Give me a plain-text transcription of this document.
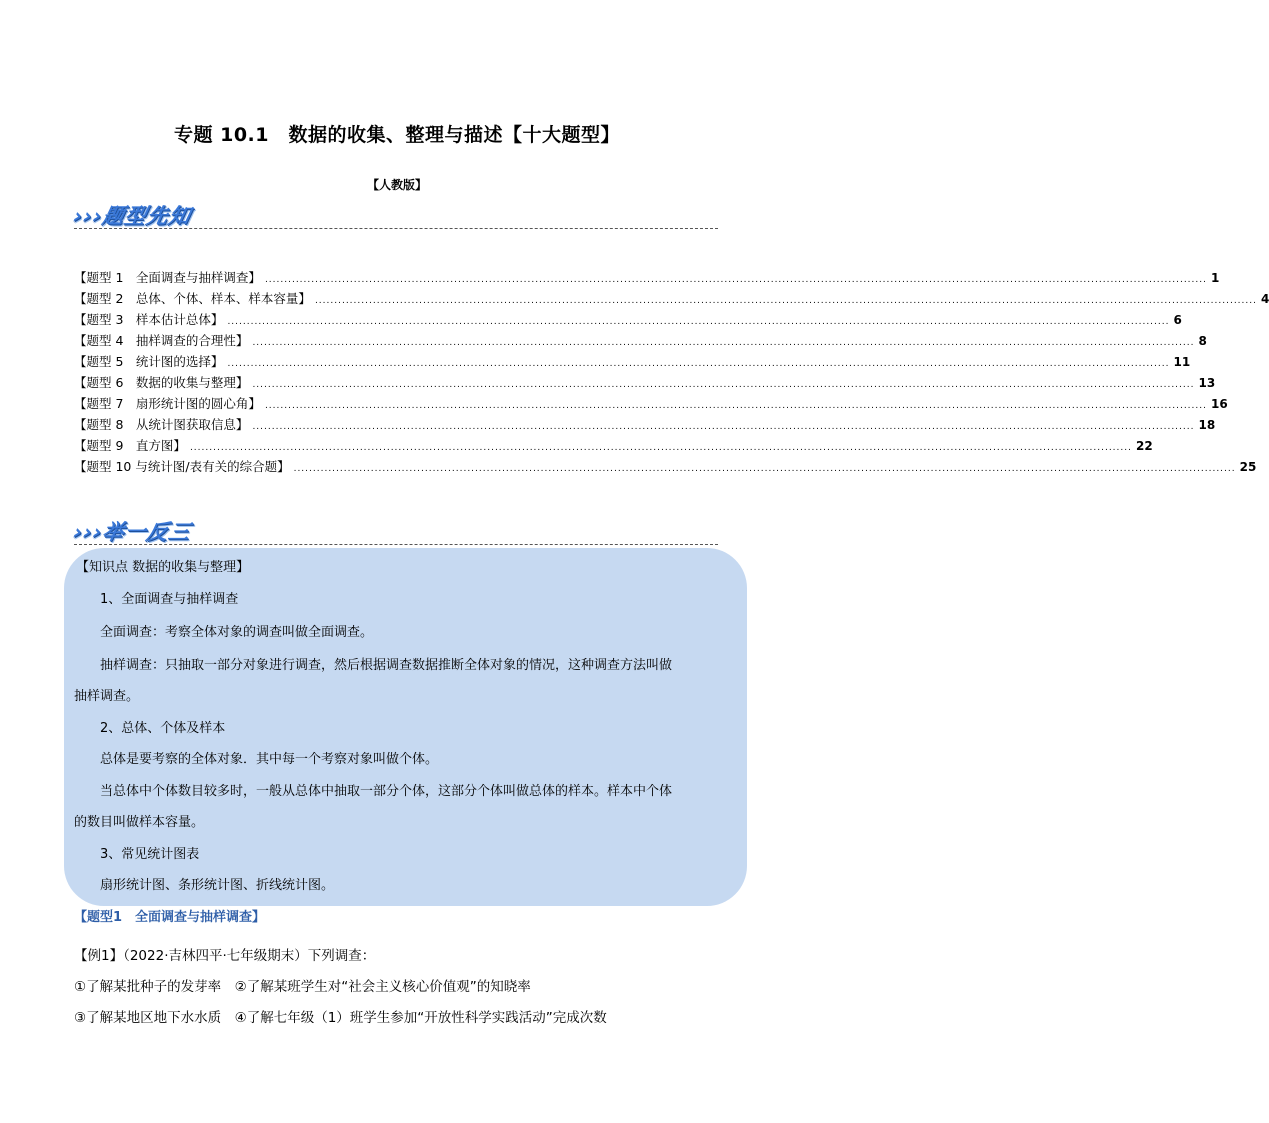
专题 10.1　数据的收集、整理与描述【十大题型】
【人教版】
›››题型先知
【题型 1　全面调查与抽样调查】 .................................................................................................................................................................................................................................................... 1
【题型 2　总体、个体、样本、样本容量】 .................................................................................................................................................................................................................................................... 4
【题型 3　样本估计总体】 .................................................................................................................................................................................................................................................... 6
【题型 4　抽样调查的合理性】 .................................................................................................................................................................................................................................................... 8
【题型 5　统计图的选择】 .................................................................................................................................................................................................................................................... 11
【题型 6　数据的收集与整理】 .................................................................................................................................................................................................................................................... 13
【题型 7　扇形统计图的圆心角】 .................................................................................................................................................................................................................................................... 16
【题型 8　从统计图获取信息】 .................................................................................................................................................................................................................................................... 18
【题型 9　直方图】 .................................................................................................................................................................................................................................................... 22
【题型 10 与统计图/表有关的综合题】 .................................................................................................................................................................................................................................................... 25
›››举一反三
【知识点 数据的收集与整理】
1、全面调查与抽样调查
全面调查：考察全体对象的调查叫做全面调查。
抽样调查：只抽取一部分对象进行调查，然后根据调查数据推断全体对象的情况，这种调查方法叫做
抽样调查。
2、总体、个体及样本
总体是要考察的全体对象．其中每一个考察对象叫做个体。
当总体中个体数目较多时，一般从总体中抽取一部分个体，这部分个体叫做总体的样本。样本中个体
的数目叫做样本容量。
3、常见统计图表
扇形统计图、条形统计图、折线统计图。
【题型1　全面调查与抽样调查】
【例1】（2022·吉林四平·七年级期末）下列调查：
①了解某批种子的发芽率　②了解某班学生对“社会主义核心价值观”的知晓率
③了解某地区地下水水质　④了解七年级（1）班学生参加“开放性科学实践活动”完成次数
